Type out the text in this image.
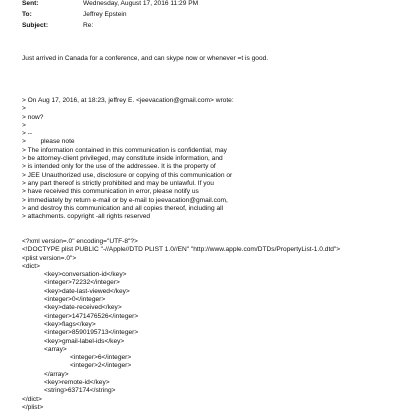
Sent:	Wednesday, August 17, 2016 11:29 PM
To:	Jeffrey Epstein
Subject:	Re:
Just arrived in Canada for a conference, and can skype now or whenever =t is good.
> On Aug 17, 2016, at 18:23, jeffrey E. <jeevacation@gmail.com> wrote:
>
> now?
>
> --
>        please note
> The information contained in this communication is confidential, may
> be attorney-client privileged, may constitute inside information, and
> is intended only for the use of the addressee. It is the property of
> JEE Unauthorized use, disclosure or copying of this communication or
> any part thereof is strictly prohibited and may be unlawful. If you
> have received this communication in error, please notify us
> immediately by return e-mail or by e-mail to jeevacation@gmail.com,
> and destroy this communication and all copies thereof, including all
> attachments. copyright -all rights reserved
<?xml version=.0" encoding="UTF-8"?>
<!DOCTYPE plist PUBLIC "-//Apple//DTD PLIST 1.0//EN" "http://www.apple.com/DTDs/PropertyList-1.0.dtd">
<plist version=.0">
<dict>
<key>conversation-id</key>
<integer>72232</integer>
<key>date-last-viewed</key>
<integer>0</integer>
<key>date-received</key>
<integer>1471476526</integer>
<key>flags</key>
<integer>8590195713</integer>
<key>gmail-label-ids</key>
<array>
<integer>6</integer>
<integer>2</integer>
</array>
<key>remote-id</key>
<string>637174</string>
</dict>
</plist>
